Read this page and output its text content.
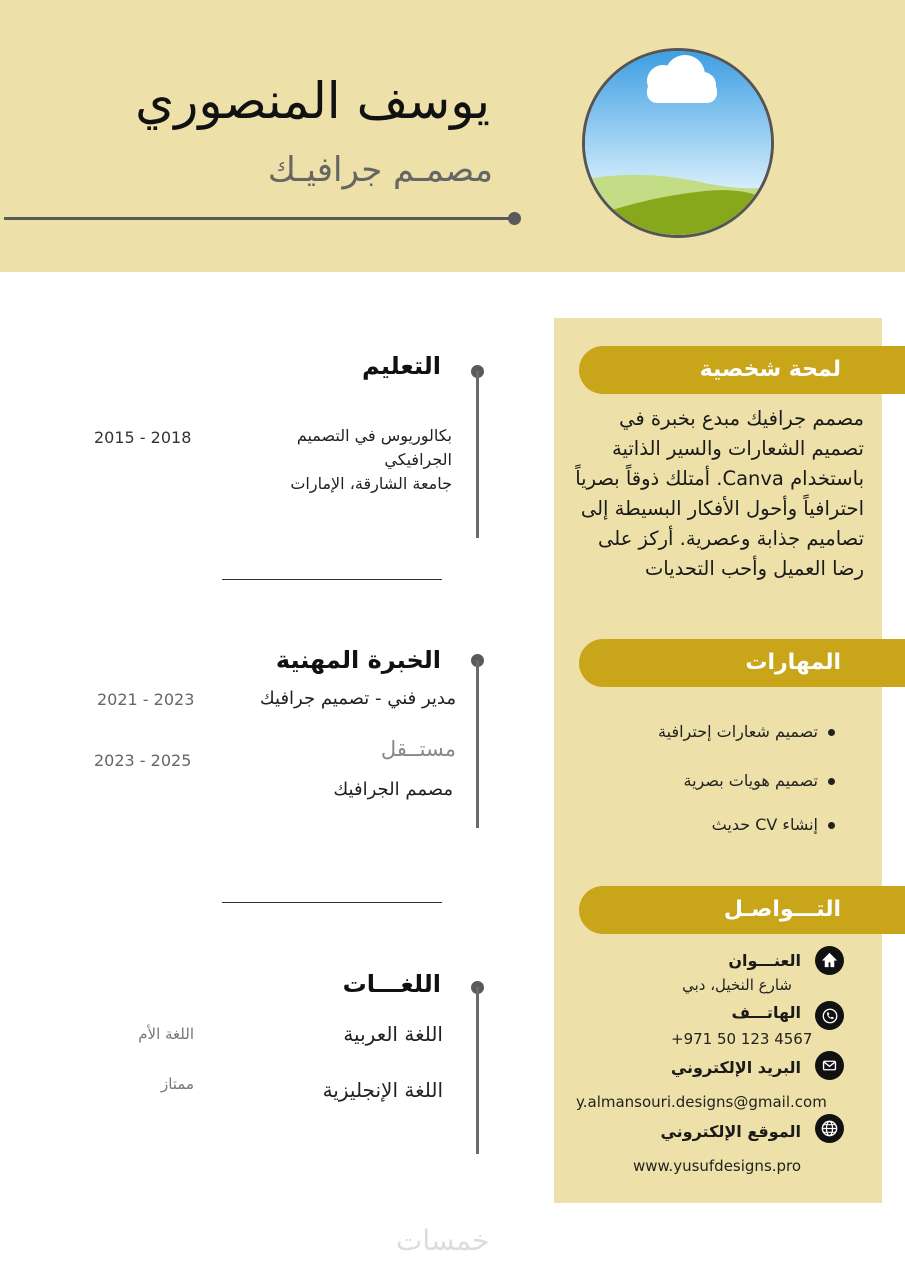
يوسف المنصوري
مصمـم جرافيـك
لمحة شخصية
مصمم جرافيك مبدع بخبرة في تصميم الشعارات والسير الذاتية باستخدام Canva. أمتلك ذوقاً بصرياً احترافياً وأحول الأفكار البسيطة إلى تصاميم جذابة وعصرية. أركز على رضا العميل وأحب التحديات
المهارات
تصميم شعارات إحترافية
تصميم هويات بصرية
إنشاء CV حديث
التـــواصـل
العنـــوان
شارع النخيل، دبي
الهاتـــف
+971 50 123 4567
البريد الإلكتروني
y.almansouri.designs@gmail.com
الموقع الإلكتروني
www.yusufdesigns.pro
التعليم
بكالوريوس في التصميم
الجرافيكي
جامعة الشارقة، الإمارات
2015 - 2018
الخبرة المهنية
مدير فني - تصميم جرافيك
2021 - 2023
مستــقل
2023 - 2025
مصمم الجرافيك
اللغـــات
اللغة العربية
اللغة الأم
اللغة الإنجليزية
ممتاز
خمسات
